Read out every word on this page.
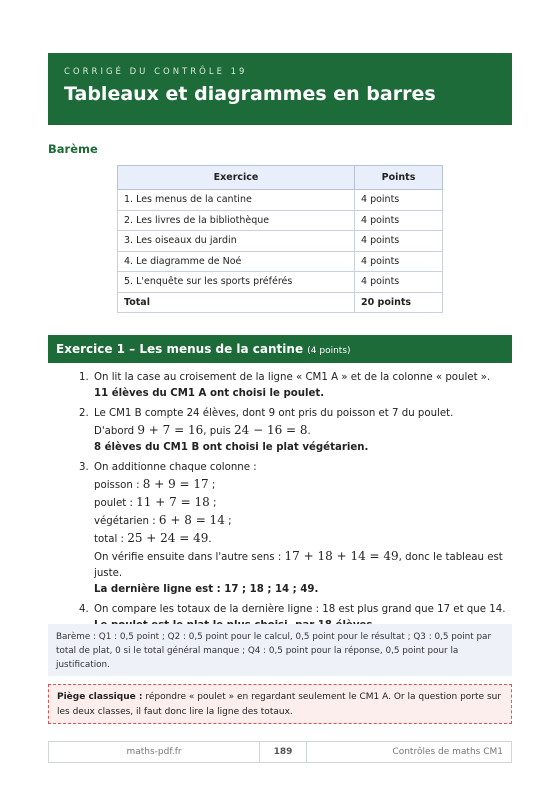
CORRIGÉ DU CONTRÔLE 19
Tableaux et diagrammes en barres
Barème
Exercice	Points
1. Les menus de la cantine	4 points
2. Les livres de la bibliothèque	4 points
3. Les oiseaux du jardin	4 points
4. Le diagramme de Noé	4 points
5. L'enquête sur les sports préférés	4 points
Total	20 points
Exercice 1 – Les menus de la cantine (4 points)
1. On lit la case au croisement de la ligne « CM1 A » et de la colonne « poulet ».
11 élèves du CM1 A ont choisi le poulet.
2. Le CM1 B compte 24 élèves, dont 9 ont pris du poisson et 7 du poulet.
D'abord 9 + 7 = 16, puis 24 − 16 = 8.
8 élèves du CM1 B ont choisi le plat végétarien.
3. On additionne chaque colonne :
poisson : 8 + 9 = 17 ;
poulet : 11 + 7 = 18 ;
végétarien : 6 + 8 = 14 ;
total : 25 + 24 = 49.
On vérifie ensuite dans l'autre sens : 17 + 18 + 14 = 49, donc le tableau est juste.
La dernière ligne est : 17 ; 18 ; 14 ; 49.
4. On compare les totaux de la dernière ligne : 18 est plus grand que 17 et que 14.
Barème : Q1 : 0,5 point ; Q2 : 0,5 point pour le calcul, 0,5 point pour le résultat ; Q3 : 0,5 point par total de plat, 0 si le total général manque ; Q4 : 0,5 point pour la réponse, 0,5 point pour la justification.
Piège classique : répondre « poulet » en regardant seulement le CM1 A. Or la question porte sur les deux classes, il faut donc lire la ligne des totaux.
maths-pdf.fr	189	Contrôles de maths CM1
